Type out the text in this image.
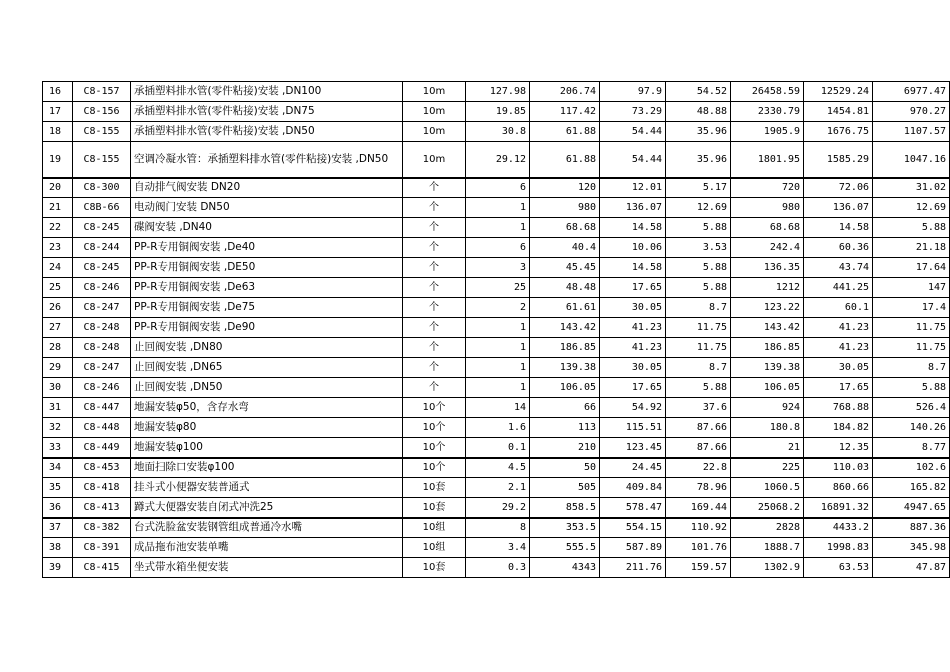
16	C8-157	承插塑料排水管(零件粘接)安装 ,DN100	10m	127.98	206.74	97.9	54.52	26458.59	12529.24	6977.47
17	C8-156	承插塑料排水管(零件粘接)安装 ,DN75	10m	19.85	117.42	73.29	48.88	2330.79	1454.81	970.27
18	C8-155	承插塑料排水管(零件粘接)安装 ,DN50	10m	30.8	61.88	54.44	35.96	1905.9	1676.75	1107.57
19	C8-155	空调冷凝水管：承插塑料排水管(零件粘接)安装 ,DN50	10m	29.12	61.88	54.44	35.96	1801.95	1585.29	1047.16
20	C8-300	自动排气阀安装 DN20	个	6	120	12.01	5.17	720	72.06	31.02
21	C8B-66	电动阀门安装 DN50	个	1	980	136.07	12.69	980	136.07	12.69
22	C8-245	碟阀安装 ,DN40	个	1	68.68	14.58	5.88	68.68	14.58	5.88
23	C8-244	PP-R专用铜阀安装 ,De40	个	6	40.4	10.06	3.53	242.4	60.36	21.18
24	C8-245	PP-R专用铜阀安装 ,DE50	个	3	45.45	14.58	5.88	136.35	43.74	17.64
25	C8-246	PP-R专用铜阀安装 ,De63	个	25	48.48	17.65	5.88	1212	441.25	147
26	C8-247	PP-R专用铜阀安装 ,De75	个	2	61.61	30.05	8.7	123.22	60.1	17.4
27	C8-248	PP-R专用铜阀安装 ,De90	个	1	143.42	41.23	11.75	143.42	41.23	11.75
28	C8-248	止回阀安装 ,DN80	个	1	186.85	41.23	11.75	186.85	41.23	11.75
29	C8-247	止回阀安装 ,DN65	个	1	139.38	30.05	8.7	139.38	30.05	8.7
30	C8-246	止回阀安装 ,DN50	个	1	106.05	17.65	5.88	106.05	17.65	5.88
31	C8-447	地漏安装φ50，含存水弯	10个	14	66	54.92	37.6	924	768.88	526.4
32	C8-448	地漏安装φ80	10个	1.6	113	115.51	87.66	180.8	184.82	140.26
33	C8-449	地漏安装φ100	10个	0.1	210	123.45	87.66	21	12.35	8.77
34	C8-453	地面扫除口安装φ100	10个	4.5	50	24.45	22.8	225	110.03	102.6
35	C8-418	挂斗式小便器安装普通式	10套	2.1	505	409.84	78.96	1060.5	860.66	165.82
36	C8-413	蹲式大便器安装自闭式冲洗25	10套	29.2	858.5	578.47	169.44	25068.2	16891.32	4947.65
37	C8-382	台式洗脸盆安装钢管组成普通冷水嘴	10组	8	353.5	554.15	110.92	2828	4433.2	887.36
38	C8-391	成品拖布池安装单嘴	10组	3.4	555.5	587.89	101.76	1888.7	1998.83	345.98
39	C8-415	坐式带水箱坐便安装	10套	0.3	4343	211.76	159.57	1302.9	63.53	47.87
